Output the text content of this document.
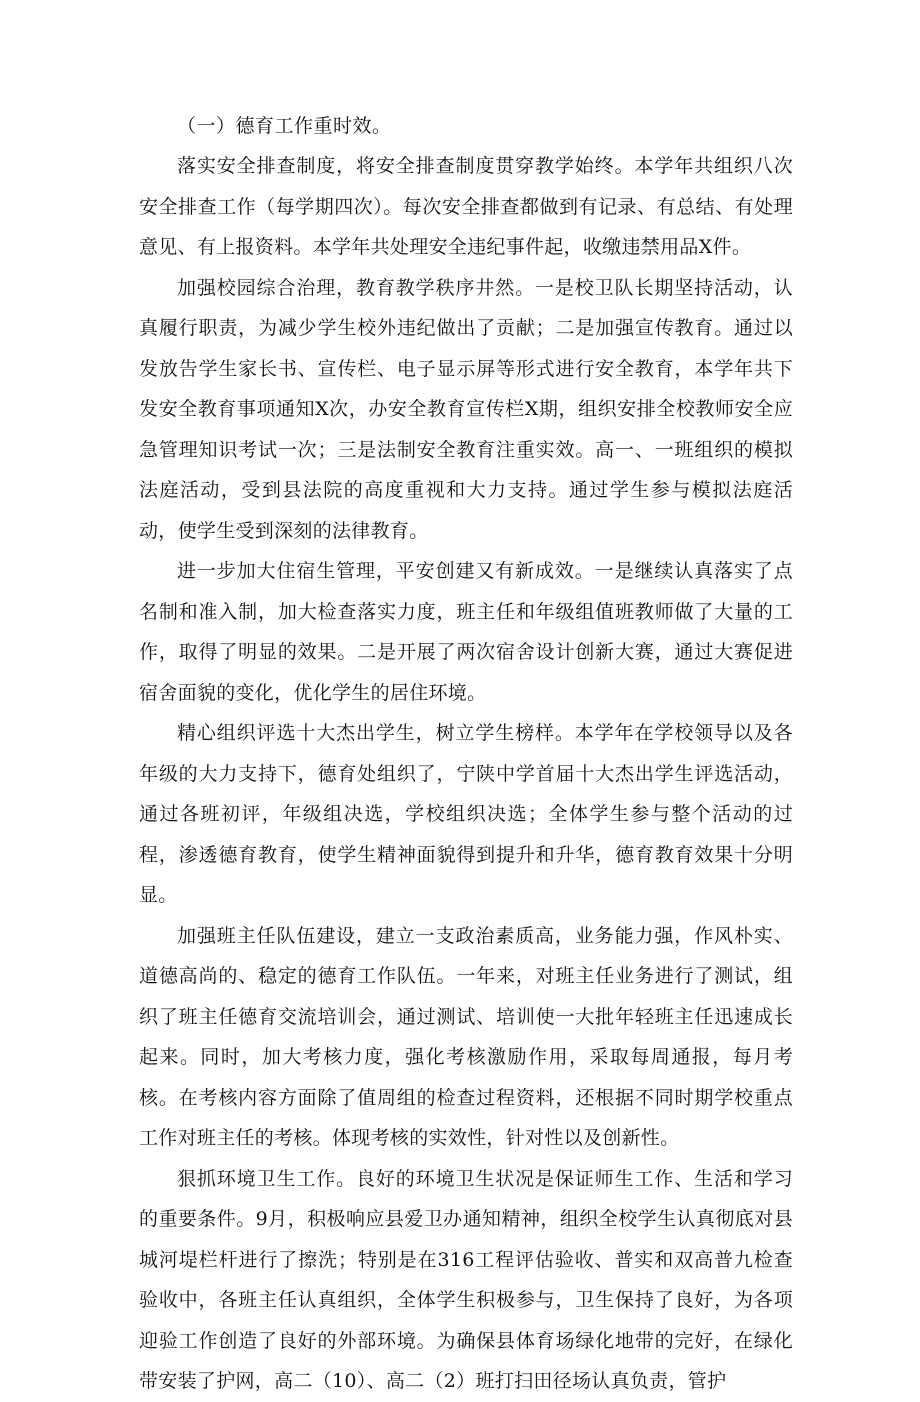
（一）德育工作重时效。

落实安全排查制度，将安全排查制度贯穿教学始终。本学年共组织八次安全排查工作（每学期四次）。每次安全排查都做到有记录、有总结、有处理意见、有上报资料。本学年共处理安全违纪事件起，收缴违禁用品X件。

加强校园综合治理，教育教学秩序井然。一是校卫队长期坚持活动，认真履行职责，为减少学生校外违纪做出了贡献；二是加强宣传教育。通过以发放告学生家长书、宣传栏、电子显示屏等形式进行安全教育，本学年共下发安全教育事项通知X次，办安全教育宣传栏X期，组织安排全校教师安全应急管理知识考试一次；三是法制安全教育注重实效。高一、一班组织的模拟法庭活动，受到县法院的高度重视和大力支持。通过学生参与模拟法庭活动，使学生受到深刻的法律教育。

进一步加大住宿生管理，平安创建又有新成效。一是继续认真落实了点名制和准入制，加大检查落实力度，班主任和年级组值班教师做了大量的工作，取得了明显的效果。二是开展了两次宿舍设计创新大赛，通过大赛促进宿舍面貌的变化，优化学生的居住环境。

精心组织评选十大杰出学生，树立学生榜样。本学年在学校领导以及各年级的大力支持下，德育处组织了，宁陕中学首届十大杰出学生评选活动，通过各班初评，年级组决选，学校组织决选；全体学生参与整个活动的过程，渗透德育教育，使学生精神面貌得到提升和升华，德育教育效果十分明显。

加强班主任队伍建设，建立一支政治素质高，业务能力强，作风朴实、道德高尚的、稳定的德育工作队伍。一年来，对班主任业务进行了测试，组织了班主任德育交流培训会，通过测试、培训使一大批年轻班主任迅速成长起来。同时，加大考核力度，强化考核激励作用，采取每周通报，每月考核。在考核内容方面除了值周组的检查过程资料，还根据不同时期学校重点工作对班主任的考核。体现考核的实效性，针对性以及创新性。

狠抓环境卫生工作。良好的环境卫生状况是保证师生工作、生活和学习的重要条件。9月，积极响应县爱卫办通知精神，组织全校学生认真彻底对县城河堤栏杆进行了擦洗；特别是在316工程评估验收、普实和双高普九检查验收中，各班主任认真组织，全体学生积极参与，卫生保持了良好，为各项迎验工作创造了良好的外部环境。为确保县体育场绿化地带的完好，在绿化带安装了护网，高二（10）、高二（2）班打扫田径场认真负责，管护
